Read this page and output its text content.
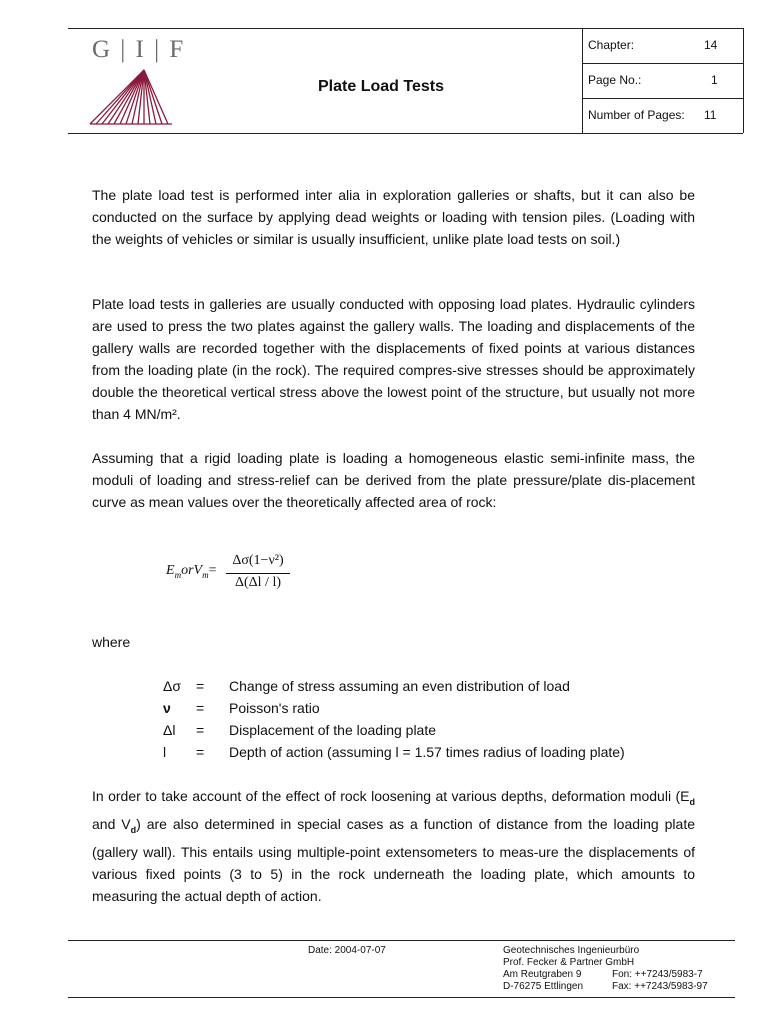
G | I | F
Plate Load Tests
Chapter:	14
Page No.:	1
Number of Pages: 11
The plate load test is performed inter alia in exploration galleries or shafts, but it can also be conducted on the surface by applying dead weights or loading with tension piles. (Loading with the weights of vehicles or similar is usually insufficient, unlike plate load tests on soil.)
Plate load tests in galleries are usually conducted with opposing load plates. Hydraulic cylinders are used to press the two plates against the gallery walls. The loading and displacements of the gallery walls are recorded together with the displacements of fixed points at various distances from the loading plate (in the rock). The required compres-sive stresses should be approximately double the theoretical vertical stress above the lowest point of the structure, but usually not more than 4 MN/m².
Assuming that a rigid loading plate is loading a homogeneous elastic semi-infinite mass, the moduli of loading and stress-relief can be derived from the plate pressure/plate dis-placement curve as mean values over the theoretically affected area of rock:
$E_morV_m=$
Δσ(1−ν²)
Δ(Δl / l)
where
Δσ	=	Change of stress assuming an even distribution of load
ν	=	Poisson's ratio
Δl	=	Displacement of the loading plate
l	=	Depth of action (assuming l = 1.57 times radius of loading plate)
In order to take account of the effect of rock loosening at various depths, deformation moduli ($E_d$ and $V_d$) are also determined in special cases as a function of distance from the loading plate (gallery wall). This entails using multiple-point extensometers to meas-ure the displacements of various fixed points (3 to 5) in the rock underneath the loading plate, which amounts to measuring the actual depth of action.
Date: 2004-07-07	Geotechnisches Ingenieurbüro
Prof. Fecker & Partner GmbH
Am Reutgraben 9	Fon: ++7243/5983-7
D-76275 Ettlingen	Fax: ++7243/5983-97
